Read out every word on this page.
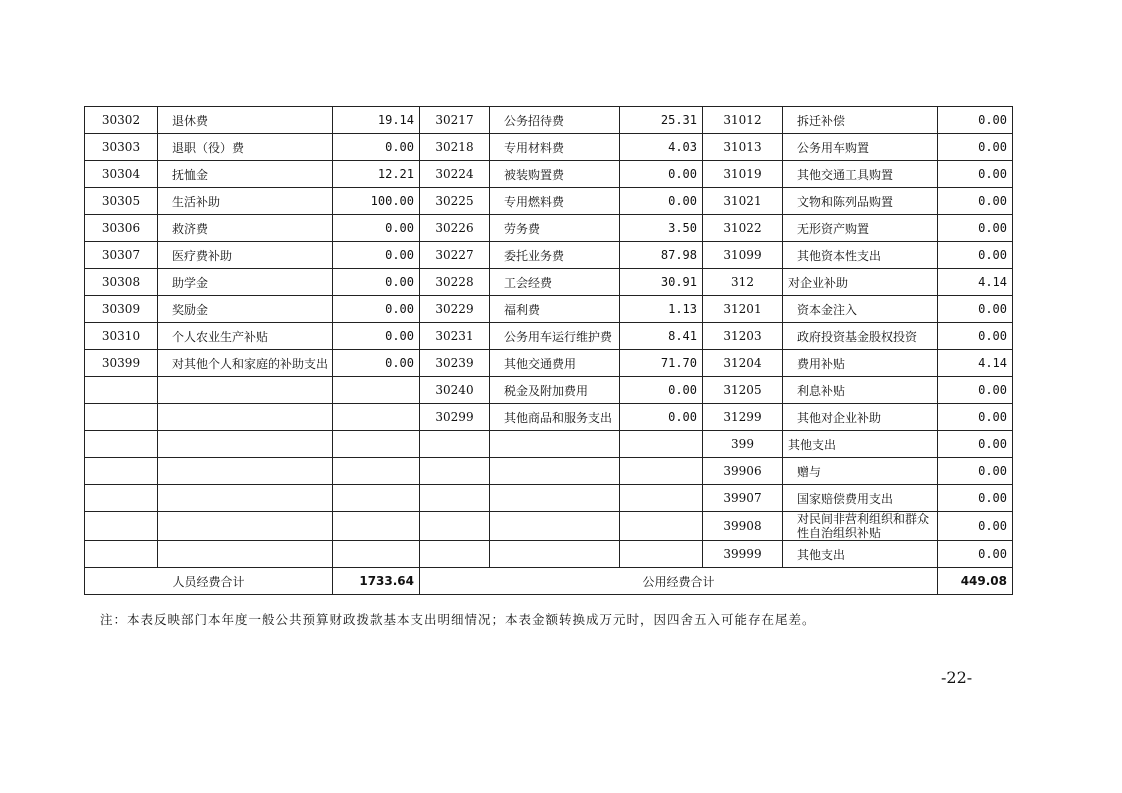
30302	退休费	19.14	30217	公务招待费	25.31	31012	拆迁补偿	0.00
30303	退职（役）费	0.00	30218	专用材料费	4.03	31013	公务用车购置	0.00
30304	抚恤金	12.21	30224	被装购置费	0.00	31019	其他交通工具购置	0.00
30305	生活补助	100.00	30225	专用燃料费	0.00	31021	文物和陈列品购置	0.00
30306	救济费	0.00	30226	劳务费	3.50	31022	无形资产购置	0.00
30307	医疗费补助	0.00	30227	委托业务费	87.98	31099	其他资本性支出	0.00
30308	助学金	0.00	30228	工会经费	30.91	312	对企业补助	4.14
30309	奖励金	0.00	30229	福利费	1.13	31201	资本金注入	0.00
30310	个人农业生产补贴	0.00	30231	公务用车运行维护费	8.41	31203	政府投资基金股权投资	0.00
30399	对其他个人和家庭的补助支出	0.00	30239	其他交通费用	71.70	31204	费用补贴	4.14
			30240	税金及附加费用	0.00	31205	利息补贴	0.00
			30299	其他商品和服务支出	0.00	31299	其他对企业补助	0.00
						399	其他支出	0.00
						39906	赠与	0.00
						39907	国家赔偿费用支出	0.00
						39908	对民间非营利组织和群众性自治组织补贴	0.00
						39999	其他支出	0.00
人员经费合计		1733.64	公用经费合计					449.08
注：本表反映部门本年度一般公共预算财政拨款基本支出明细情况；本表金额转换成万元时，因四舍五入可能存在尾差。
-22-
